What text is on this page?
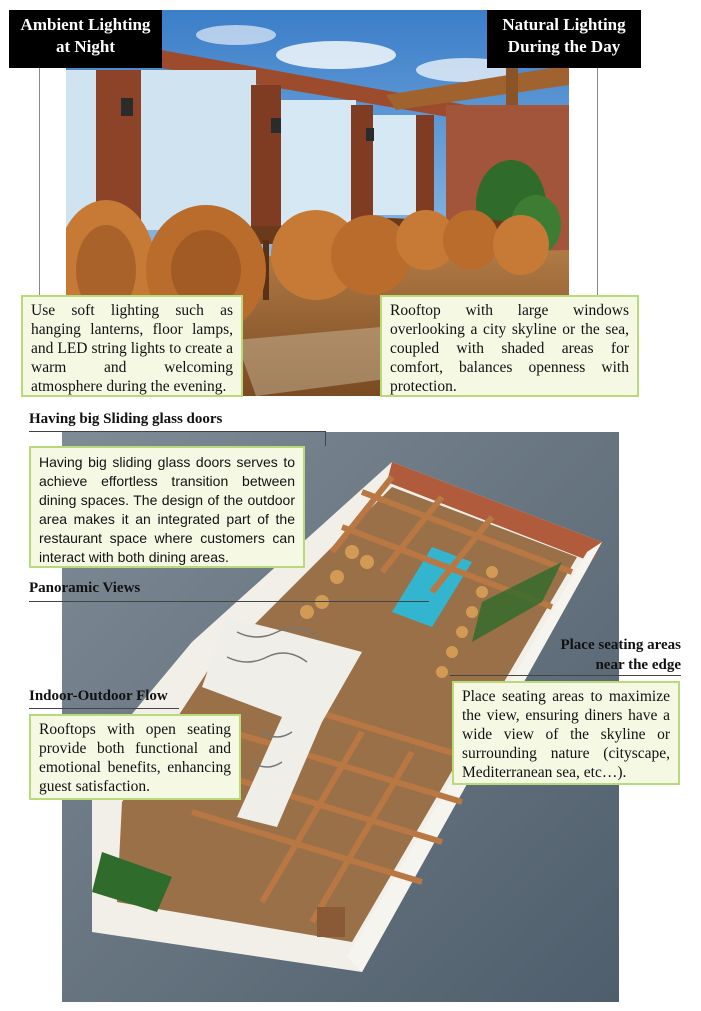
Ambient Lighting at Night
Natural Lighting During the Day
Use soft lighting such as hanging lanterns, floor lamps, and LED string lights to create a warm and welcoming atmosphere during the evening.
Rooftop with large windows overlooking a city skyline or the sea, coupled with shaded areas for comfort, balances openness with protection.
Having big Sliding glass doors
Having big sliding glass doors serves to achieve effortless transition between dining spaces. The design of the outdoor area makes it an integrated part of the restaurant space where customers can interact with both dining areas.
Panoramic Views
Place seating areas near the edge
Indoor-Outdoor Flow
Rooftops with open seating provide both functional and emotional benefits, enhancing guest satisfaction.
Place seating areas to maximize the view, ensuring diners have a wide view of the skyline or surrounding nature (cityscape, Mediterranean sea, etc…).
